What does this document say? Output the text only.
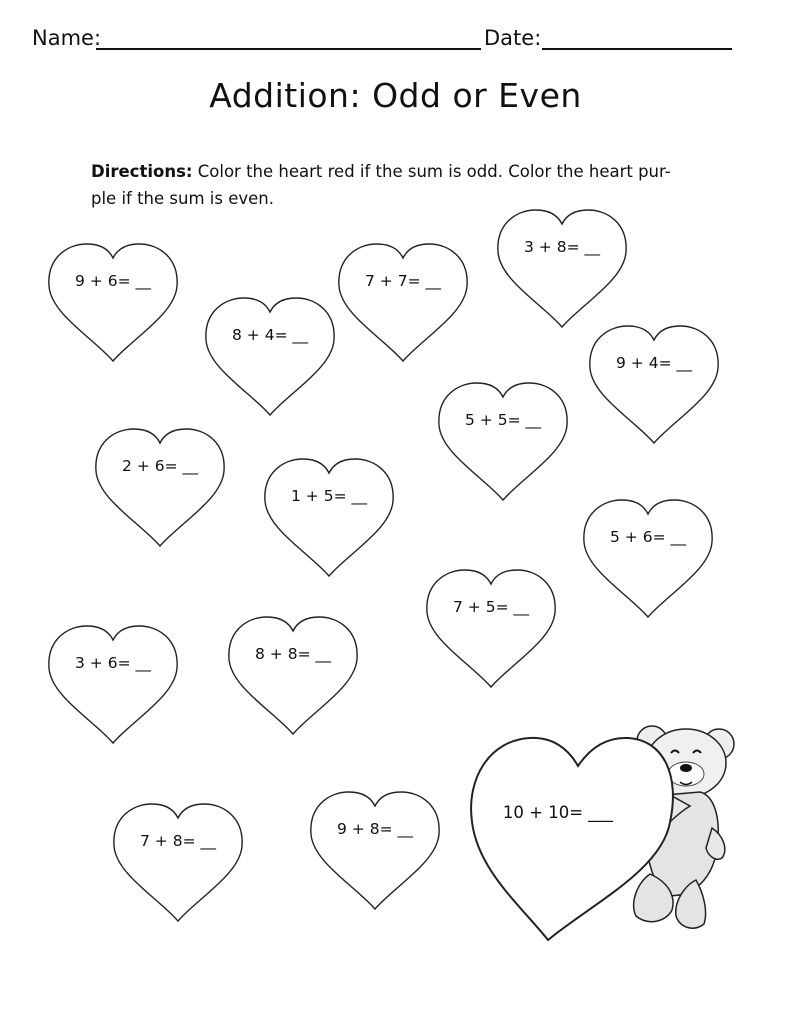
Name:	Date:
Addition: Odd or Even
Directions: Color the heart red if the sum is odd. Color the heart pur-
ple if the sum is even.
9 + 6= __
8 + 4= __
7 + 7= __
3 + 8= __
9 + 4= __
5 + 5= __
2 + 6= __
1 + 5= __
5 + 6= __
7 + 5= __
3 + 6= __	8 + 8= __
7 + 8= __
9 + 8= __
10 + 10= ___
